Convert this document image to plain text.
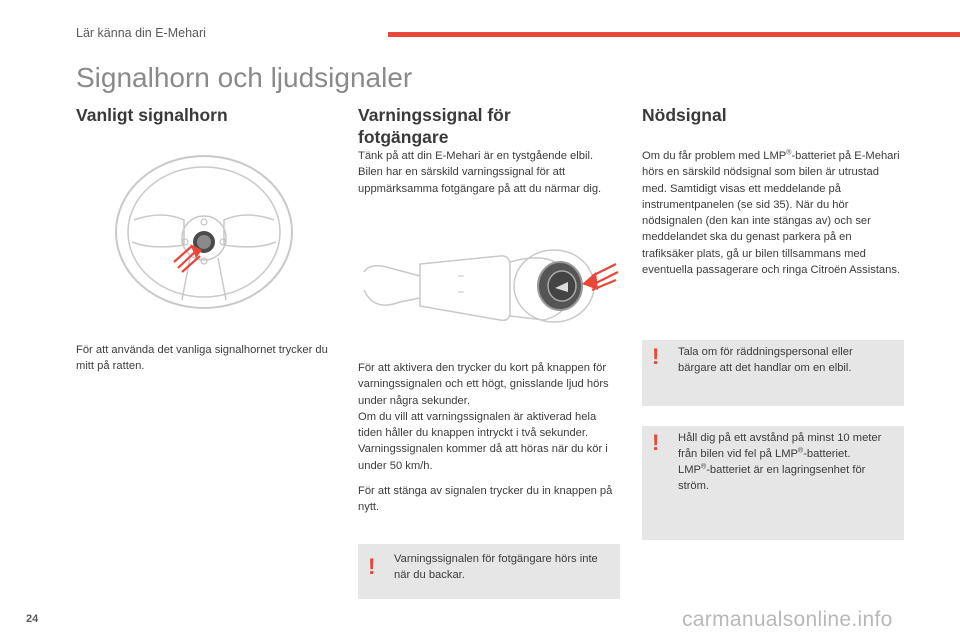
Lär känna din E-Mehari
Signalhorn och ljudsignaler
Vanligt signalhorn
För att använda det vanliga signalhornet trycker du mitt på ratten.
Varningssignal för
fotgängare
Tänk på att din E-Mehari är en tystgående elbil. Bilen har en särskild varningssignal för att uppmärksamma fotgängare på att du närmar dig.

För att aktivera den trycker du kort på knappen för varningssignalen och ett högt, gnisslande ljud hörs under några sekunder.

Om du vill att varningssignalen är aktiverad hela tiden håller du knappen intryckt i två sekunder.

Varningssignalen kommer då att höras när du kör i under 50 km/h.

För att stänga av signalen trycker du in knappen på nytt.

! Varningssignalen för fotgängare hörs inte när du backar.
Nödsignal
Om du får problem med LMP®-batteriet på E-Mehari hörs en särskild nödsignal som bilen är utrustad med. Samtidigt visas ett meddelande på instrumentpanelen (se sid 35). När du hör nödsignalen (den kan inte stängas av) och ser meddelandet ska du genast parkera på en trafiksäker plats, gå ur bilen tillsammans med eventuella passagerare och ringa Citroën Assistans.
! Tala om för räddningspersonal eller bärgare att det handlar om en elbil.
! Håll dig på ett avstånd på minst 10 meter från bilen vid fel på LMP®-batteriet.
LMP®-batteriet är en lagringsenhet för ström.
24	carmanualsonline.info
